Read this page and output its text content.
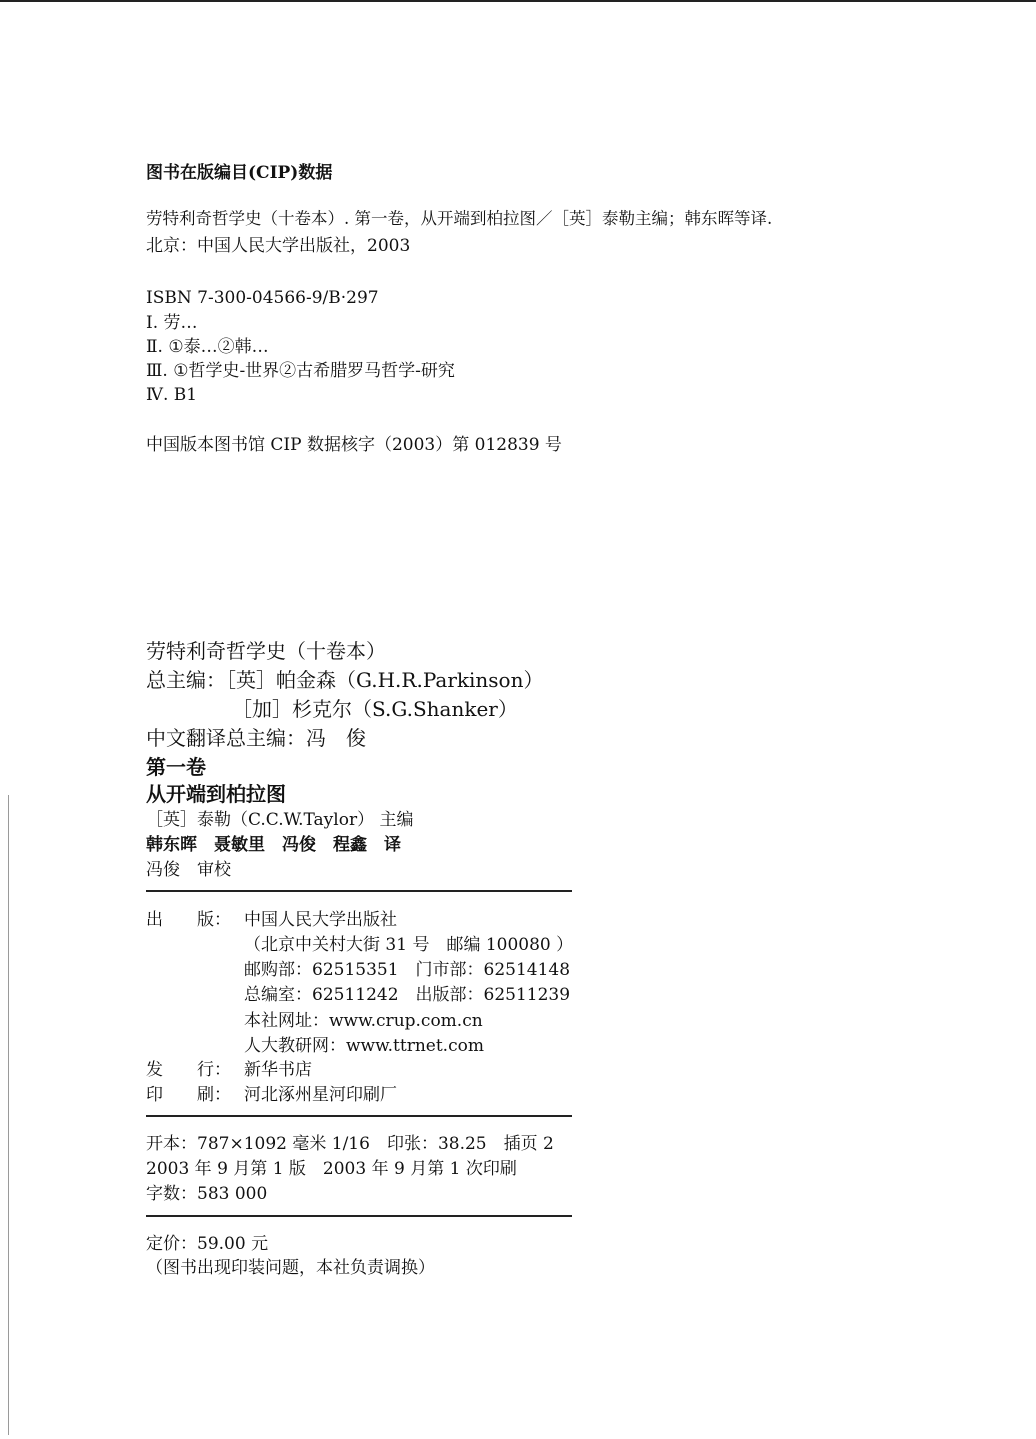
图书在版编目(CIP)数据
劳特利奇哲学史（十卷本）. 第一卷，从开端到柏拉图／［英］泰勒主编；韩东晖等译.
北京：中国人民大学出版社，2003
ISBN 7-300-04566-9/B·297
Ⅰ. 劳…
Ⅱ. ①泰…②韩…
Ⅲ. ①哲学史-世界②古希腊罗马哲学-研究
Ⅳ. B1
中国版本图书馆 CIP 数据核字（2003）第 012839 号
劳特利奇哲学史（十卷本）
总主编：［英］帕金森（G.H.R.Parkinson）
［加］杉克尔（S.G.Shanker）
中文翻译总主编：冯　俊
第一卷
从开端到柏拉图
［英］泰勒（C.C.W.Taylor） 主编
韩东晖　聂敏里　冯俊　程鑫　译
冯俊　审校
出　　版： 中国人民大学出版社
（北京中关村大街 31 号　邮编 100080 ）
邮购部：62515351　门市部：62514148
总编室：62511242　出版部：62511239
本社网址：www.crup.com.cn
人大教研网：www.ttrnet.com
发　　行： 新华书店
印　　刷： 河北涿州星河印刷厂
开本：787×1092 毫米 1/16　印张：38.25　插页 2
2003 年 9 月第 1 版　2003 年 9 月第 1 次印刷
字数：583 000
定价：59.00 元
（图书出现印装问题，本社负责调换）
